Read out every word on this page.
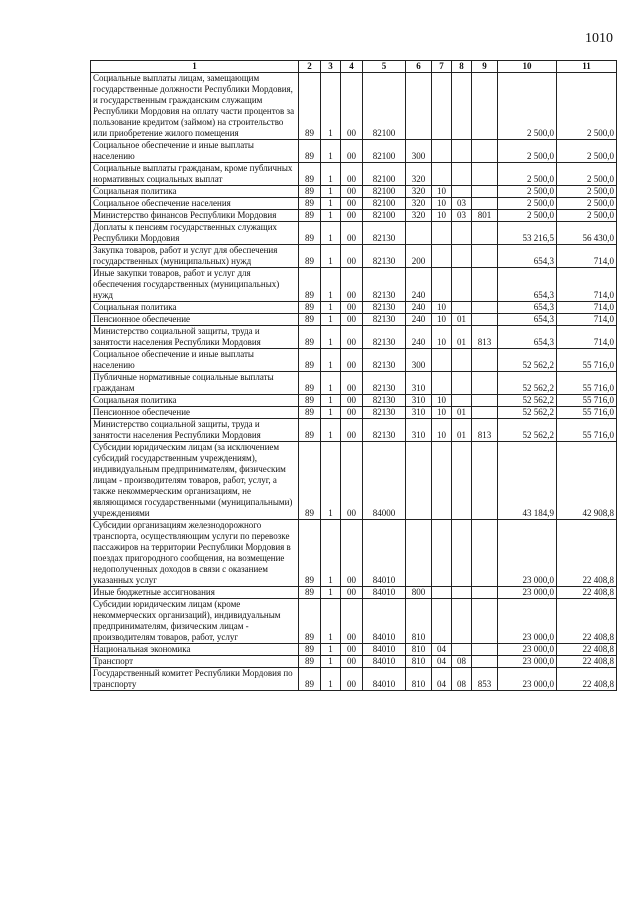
1010
1	2	3	4	5	6	7	8	9	10	11
Социальные выплаты лицам, замещающим государственные должности Республики Мордовия, и государственным гражданским служащим Республики Мордовия на оплату части процентов за пользование кредитом (займом) на строительство или приобретение жилого помещения	89	1	00	82100					2 500,0	2 500,0
Социальное обеспечение и иные выплаты населению	89	1	00	82100	300				2 500,0	2 500,0
Социальные выплаты гражданам, кроме публичных нормативных социальных выплат	89	1	00	82100	320				2 500,0	2 500,0
Социальная политика	89	1	00	82100	320	10			2 500,0	2 500,0
Социальное обеспечение населения	89	1	00	82100	320	10	03		2 500,0	2 500,0
Министерство финансов Республики Мордовия	89	1	00	82100	320	10	03	801	2 500,0	2 500,0
Доплаты к пенсиям государственных служащих Республики Мордовия	89	1	00	82130					53 216,5	56 430,0
Закупка товаров, работ и услуг для обеспечения государственных (муниципальных) нужд	89	1	00	82130	200				654,3	714,0
Иные закупки товаров, работ и услуг для обеспечения государственных (муниципальных) нужд	89	1	00	82130	240				654,3	714,0
Социальная политика	89	1	00	82130	240	10			654,3	714,0
Пенсионное обеспечение	89	1	00	82130	240	10	01		654,3	714,0
Министерство социальной защиты, труда и занятости населения Республики Мордовия	89	1	00	82130	240	10	01	813	654,3	714,0
Социальное обеспечение и иные выплаты населению	89	1	00	82130	300				52 562,2	55 716,0
Публичные нормативные социальные выплаты гражданам	89	1	00	82130	310				52 562,2	55 716,0
Социальная политика	89	1	00	82130	310	10			52 562,2	55 716,0
Пенсионное обеспечение	89	1	00	82130	310	10	01		52 562,2	55 716,0
Министерство социальной защиты, труда и занятости населения Республики Мордовия	89	1	00	82130	310	10	01	813	52 562,2	55 716,0
Субсидии юридическим лицам (за исключением субсидий государственным учреждениям), индивидуальным предпринимателям, физическим лицам - производителям товаров, работ, услуг, а также некоммерческим организациям, не являющимся государственными (муниципальными) учреждениями	89	1	00	84000					43 184,9	42 908,8
Субсидии организациям железнодорожного транспорта, осуществляющим услуги по перевозке пассажиров на территории Республики Мордовия в поездах пригородного сообщения, на возмещение недополученных доходов в связи с оказанием указанных услуг	89	1	00	84010					23 000,0	22 408,8
Иные бюджетные ассигнования	89	1	00	84010	800				23 000,0	22 408,8
Субсидии юридическим лицам (кроме некоммерческих организаций), индивидуальным предпринимателям, физическим лицам - производителям товаров, работ, услуг	89	1	00	84010	810				23 000,0	22 408,8
Национальная экономика	89	1	00	84010	810	04			23 000,0	22 408,8
Транспорт	89	1	00	84010	810	04	08		23 000,0	22 408,8
Государственный комитет Республики Мордовия по транспорту	89	1	00	84010	810	04	08	853	23 000,0	22 408,8
